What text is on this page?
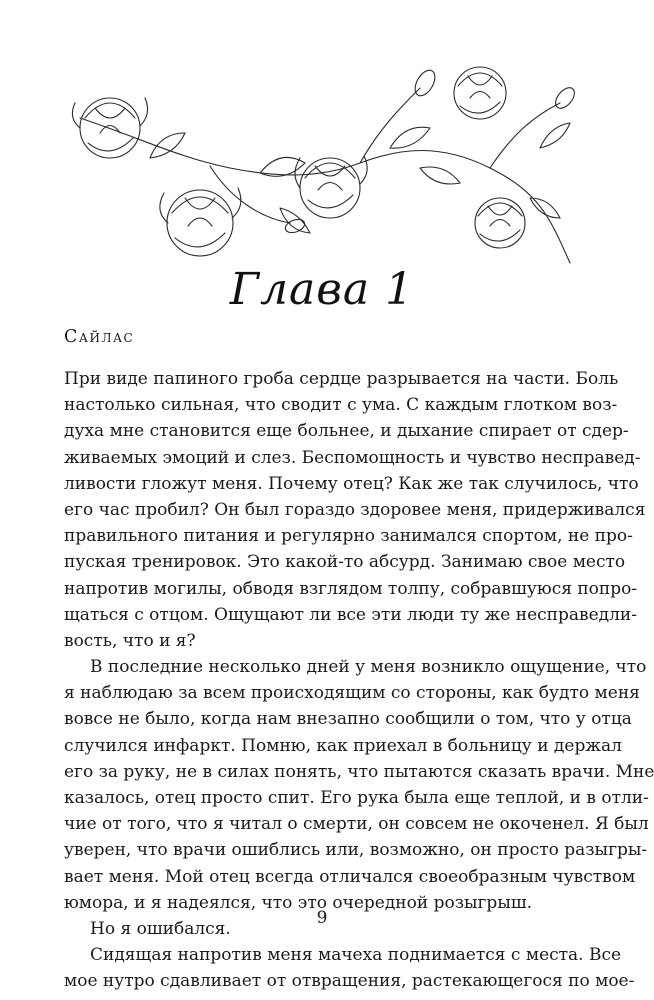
Глава 1
Сайлас
При виде папиного гроба сердце разрывается на части. Боль
настолько сильная, что сводит с ума. С каждым глотком воз-
духа мне становится еще больнее, и дыхание спирает от сдер-
живаемых эмоций и слез. Беспомощность и чувство несправед-
ливости гложут меня. Почему отец? Как же так случилось, что
его час пробил? Он был гораздо здоровее меня, придерживался
правильного питания и регулярно занимался спортом, не про-
пуская тренировок. Это какой-то абсурд. Занимаю свое место
напротив могилы, обводя взглядом толпу, собравшуюся попро-
щаться с отцом. Ощущают ли все эти люди ту же несправедли-
вость, что и я?
В последние несколько дней у меня возникло ощущение, что
я наблюдаю за всем происходящим со стороны, как будто меня
вовсе не было, когда нам внезапно сообщили о том, что у отца
случился инфаркт. Помню, как приехал в больницу и держал
его за руку, не в силах понять, что пытаются сказать врачи. Мне
казалось, отец просто спит. Его рука была еще теплой, и в отли-
чие от того, что я читал о смерти, он совсем не окоченел. Я был
уверен, что врачи ошиблись или, возможно, он просто разыгры-
вает меня. Мой отец всегда отличался своеобразным чувством
юмора, и я надеялся, что это очередной розыгрыш.
Но я ошибался.
Сидящая напротив меня мачеха поднимается с места. Все
мое нутро сдавливает от отвращения, растекающегося по мое-
9
